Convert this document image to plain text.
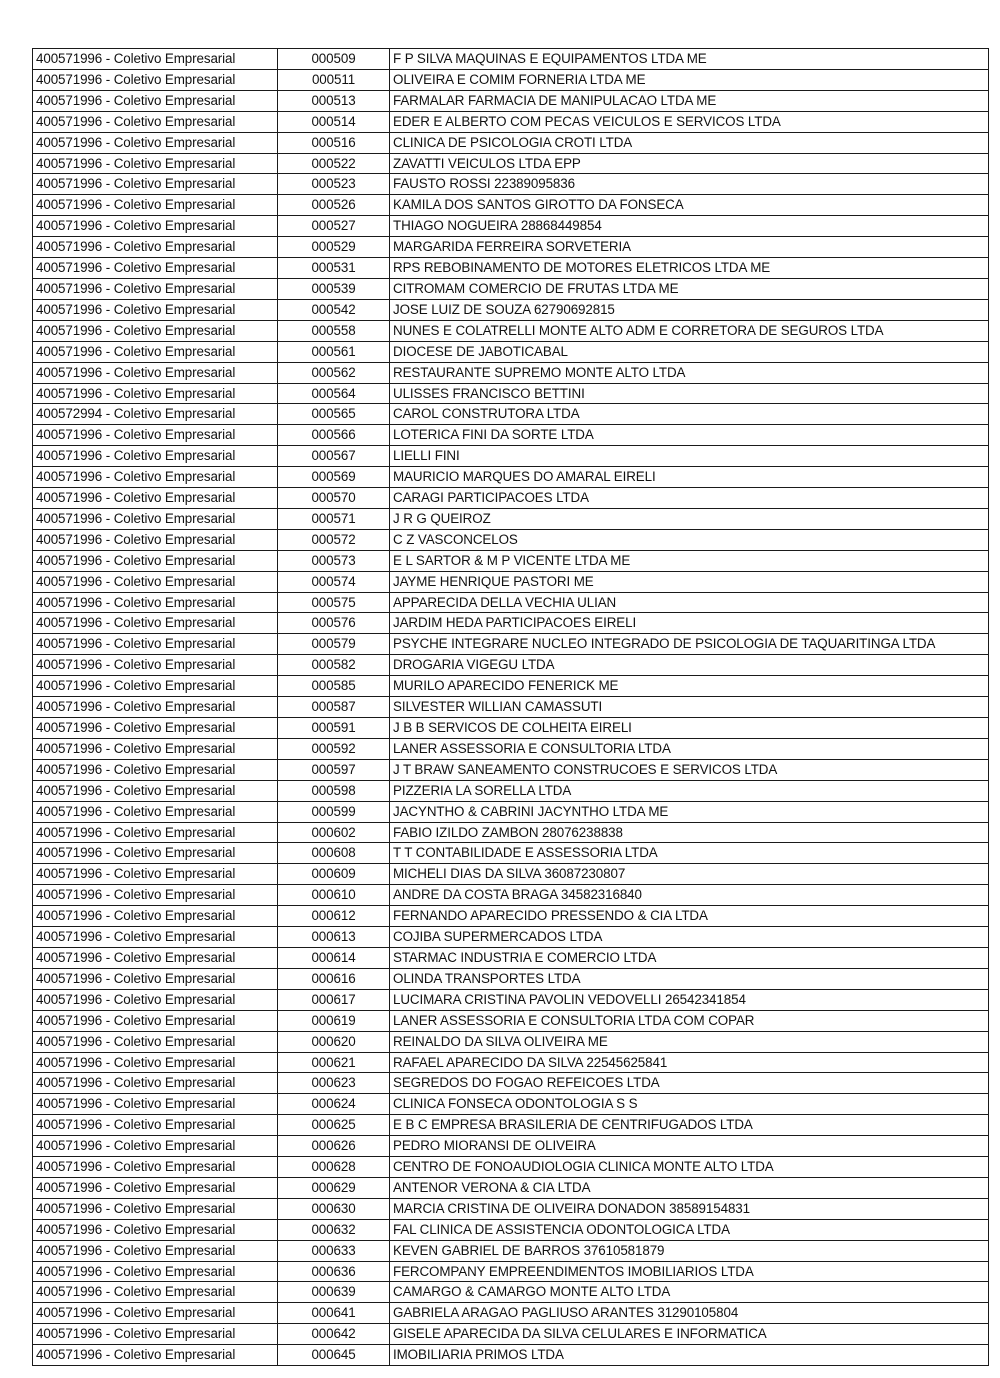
400571996 - Coletivo Empresarial	000509	F P SILVA MAQUINAS E EQUIPAMENTOS LTDA ME
400571996 - Coletivo Empresarial	000511	OLIVEIRA E COMIM FORNERIA LTDA ME
400571996 - Coletivo Empresarial	000513	FARMALAR FARMACIA DE MANIPULACAO LTDA ME
400571996 - Coletivo Empresarial	000514	EDER E ALBERTO COM PECAS VEICULOS E SERVICOS LTDA
400571996 - Coletivo Empresarial	000516	CLINICA DE PSICOLOGIA CROTI LTDA
400571996 - Coletivo Empresarial	000522	ZAVATTI VEICULOS LTDA EPP
400571996 - Coletivo Empresarial	000523	FAUSTO ROSSI 22389095836
400571996 - Coletivo Empresarial	000526	KAMILA DOS SANTOS GIROTTO DA FONSECA
400571996 - Coletivo Empresarial	000527	THIAGO NOGUEIRA 28868449854
400571996 - Coletivo Empresarial	000529	MARGARIDA FERREIRA SORVETERIA
400571996 - Coletivo Empresarial	000531	RPS REBOBINAMENTO DE MOTORES ELETRICOS LTDA ME
400571996 - Coletivo Empresarial	000539	CITROMAM COMERCIO DE FRUTAS LTDA ME
400571996 - Coletivo Empresarial	000542	JOSE LUIZ DE SOUZA 62790692815
400571996 - Coletivo Empresarial	000558	NUNES E COLATRELLI MONTE ALTO ADM E CORRETORA DE SEGUROS LTDA
400571996 - Coletivo Empresarial	000561	DIOCESE DE JABOTICABAL
400571996 - Coletivo Empresarial	000562	RESTAURANTE SUPREMO MONTE ALTO LTDA
400571996 - Coletivo Empresarial	000564	ULISSES FRANCISCO BETTINI
400572994 - Coletivo Empresarial	000565	CAROL CONSTRUTORA LTDA
400571996 - Coletivo Empresarial	000566	LOTERICA FINI DA SORTE LTDA
400571996 - Coletivo Empresarial	000567	LIELLI FINI
400571996 - Coletivo Empresarial	000569	MAURICIO MARQUES DO AMARAL EIRELI
400571996 - Coletivo Empresarial	000570	CARAGI PARTICIPACOES LTDA
400571996 - Coletivo Empresarial	000571	J R G QUEIROZ
400571996 - Coletivo Empresarial	000572	C Z VASCONCELOS
400571996 - Coletivo Empresarial	000573	E L SARTOR & M P VICENTE LTDA ME
400571996 - Coletivo Empresarial	000574	JAYME HENRIQUE PASTORI ME
400571996 - Coletivo Empresarial	000575	APPARECIDA DELLA VECHIA ULIAN
400571996 - Coletivo Empresarial	000576	JARDIM HEDA PARTICIPACOES EIRELI
400571996 - Coletivo Empresarial	000579	PSYCHE INTEGRARE NUCLEO INTEGRADO DE PSICOLOGIA DE TAQUARITINGA LTDA
400571996 - Coletivo Empresarial	000582	DROGARIA VIGEGU LTDA
400571996 - Coletivo Empresarial	000585	MURILO APARECIDO FENERICK ME
400571996 - Coletivo Empresarial	000587	SILVESTER WILLIAN CAMASSUTI
400571996 - Coletivo Empresarial	000591	J B B SERVICOS DE COLHEITA EIRELI
400571996 - Coletivo Empresarial	000592	LANER ASSESSORIA E CONSULTORIA LTDA
400571996 - Coletivo Empresarial	000597	J T BRAW SANEAMENTO CONSTRUCOES E SERVICOS LTDA
400571996 - Coletivo Empresarial	000598	PIZZERIA LA SORELLA LTDA
400571996 - Coletivo Empresarial	000599	JACYNTHO & CABRINI JACYNTHO LTDA ME
400571996 - Coletivo Empresarial	000602	FABIO IZILDO ZAMBON 28076238838
400571996 - Coletivo Empresarial	000608	T T CONTABILIDADE E ASSESSORIA LTDA
400571996 - Coletivo Empresarial	000609	MICHELI DIAS DA SILVA 36087230807
400571996 - Coletivo Empresarial	000610	ANDRE DA COSTA BRAGA 34582316840
400571996 - Coletivo Empresarial	000612	FERNANDO APARECIDO PRESSENDO & CIA LTDA
400571996 - Coletivo Empresarial	000613	COJIBA SUPERMERCADOS LTDA
400571996 - Coletivo Empresarial	000614	STARMAC INDUSTRIA E COMERCIO LTDA
400571996 - Coletivo Empresarial	000616	OLINDA TRANSPORTES LTDA
400571996 - Coletivo Empresarial	000617	LUCIMARA CRISTINA PAVOLIN VEDOVELLI 26542341854
400571996 - Coletivo Empresarial	000619	LANER ASSESSORIA E CONSULTORIA LTDA COM COPAR
400571996 - Coletivo Empresarial	000620	REINALDO DA SILVA OLIVEIRA ME
400571996 - Coletivo Empresarial	000621	RAFAEL APARECIDO DA SILVA 22545625841
400571996 - Coletivo Empresarial	000623	SEGREDOS DO FOGAO REFEICOES LTDA
400571996 - Coletivo Empresarial	000624	CLINICA FONSECA ODONTOLOGIA S S
400571996 - Coletivo Empresarial	000625	E B C EMPRESA BRASILERIA DE CENTRIFUGADOS LTDA
400571996 - Coletivo Empresarial	000626	PEDRO MIORANSI DE OLIVEIRA
400571996 - Coletivo Empresarial	000628	CENTRO DE FONOAUDIOLOGIA CLINICA MONTE ALTO LTDA
400571996 - Coletivo Empresarial	000629	ANTENOR VERONA & CIA LTDA
400571996 - Coletivo Empresarial	000630	MARCIA CRISTINA DE OLIVEIRA DONADON 38589154831
400571996 - Coletivo Empresarial	000632	FAL CLINICA DE ASSISTENCIA ODONTOLOGICA LTDA
400571996 - Coletivo Empresarial	000633	KEVEN GABRIEL DE BARROS 37610581879
400571996 - Coletivo Empresarial	000636	FERCOMPANY EMPREENDIMENTOS IMOBILIARIOS LTDA
400571996 - Coletivo Empresarial	000639	CAMARGO & CAMARGO MONTE ALTO LTDA
400571996 - Coletivo Empresarial	000641	GABRIELA ARAGAO PAGLIUSO ARANTES 31290105804
400571996 - Coletivo Empresarial	000642	GISELE APARECIDA DA SILVA CELULARES E INFORMATICA
400571996 - Coletivo Empresarial	000645	IMOBILIARIA PRIMOS LTDA
